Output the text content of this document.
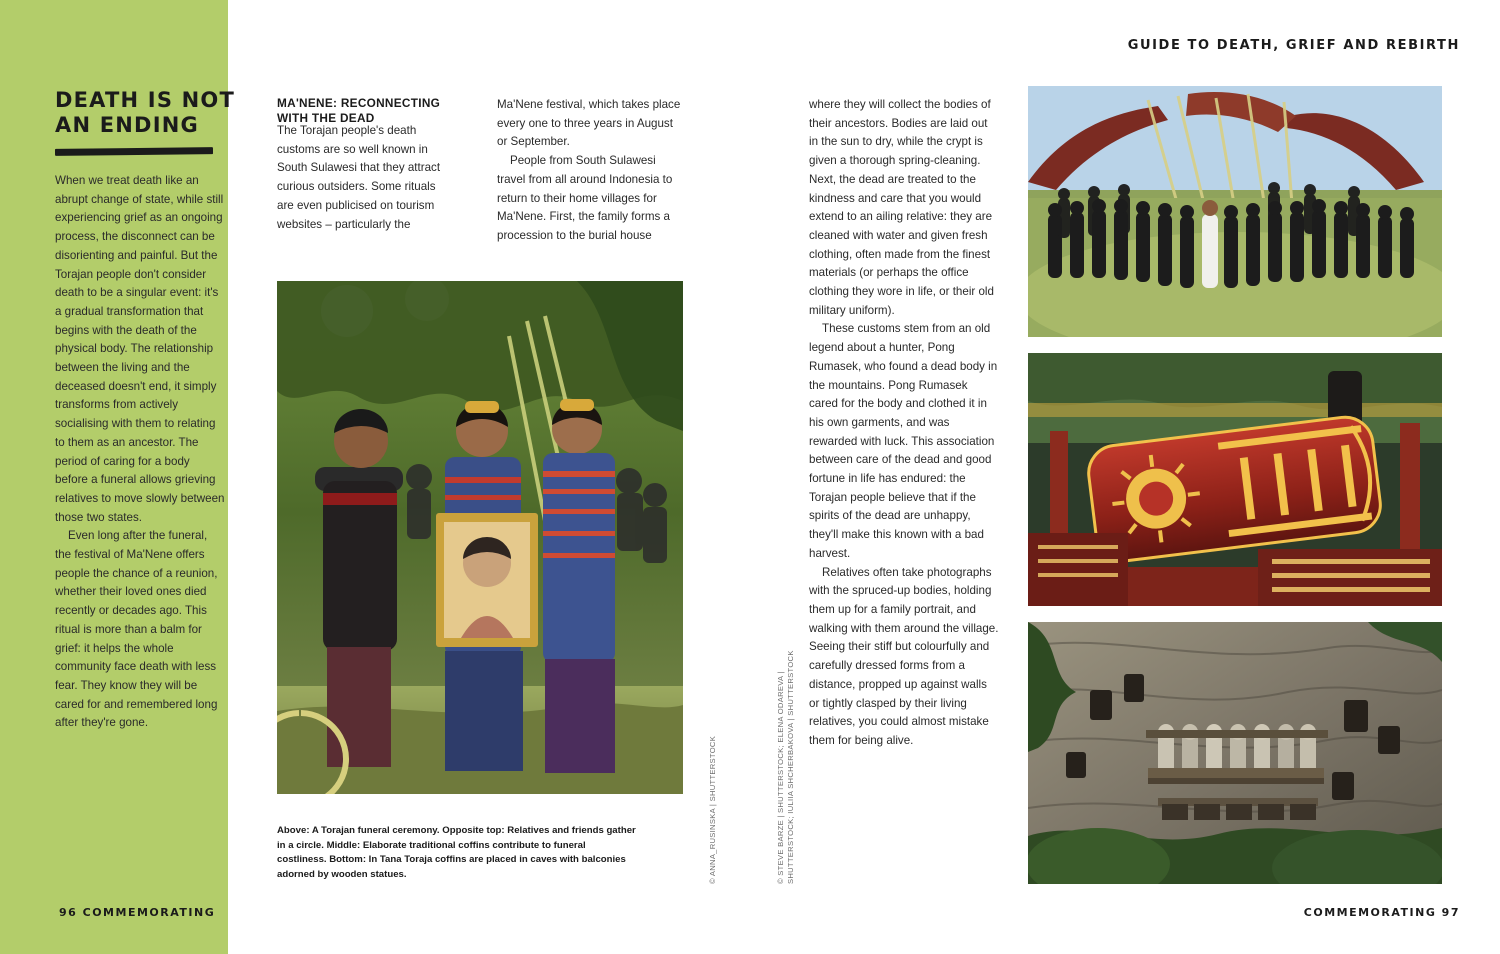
DEATH IS NOT AN ENDING

When we treat death like an abrupt change of state, while still experiencing grief as an ongoing process, the disconnect can be disorienting and painful. But the Torajan people don't consider death to be a singular event: it's a gradual transformation that begins with the death of the physical body. The relationship between the living and the deceased doesn't end, it simply transforms from actively socialising with them to relating to them as an ancestor. The period of caring for a body before a funeral allows grieving relatives to move slowly between those two states.

Even long after the funeral, the festival of Ma'Nene offers people the chance of a reunion, whether their loved ones died recently or decades ago. This ritual is more than a balm for grief: it helps the whole community face death with less fear. They know they will be cared for and remembered long after they're gone.

GUIDE TO DEATH, GRIEF AND REBIRTH
MA'NENE: RECONNECTING WITH THE DEAD

The Torajan people's death customs are so well known in South Sulawesi that they attract curious outsiders. Some rituals are even publicised on tourism websites – particularly the

Ma'Nene festival, which takes place every one to three years in August or September.

People from South Sulawesi travel from all around Indonesia to return to their home villages for Ma'Nene. First, the family forms a procession to the burial house

where they will collect the bodies of their ancestors. Bodies are laid out in the sun to dry, while the crypt is given a thorough spring-cleaning. Next, the dead are treated to the kindness and care that you would extend to an ailing relative: they are cleaned with water and given fresh clothing, often made from the finest materials (or perhaps the office clothing they wore in life, or their old military uniform).

These customs stem from an old legend about a hunter, Pong Rumasek, who found a dead body in the mountains. Pong Rumasek cared for the body and clothed it in his own garments, and was rewarded with luck. This association between care of the dead and good fortune in life has endured: the Torajan people believe that if the spirits of the dead are unhappy, they'll make this known with a bad harvest.

Relatives often take photographs with the spruced-up bodies, holding them up for a family portrait, and walking with them around the village. Seeing their stiff but colourfully and carefully dressed forms from a distance, propped up against walls or tightly clasped by their living relatives, you could almost mistake them for being alive.

Above: A Torajan funeral ceremony. Opposite top: Relatives and friends gather in a circle. Middle: Elaborate traditional coffins contribute to funeral costliness. Bottom: In Tana Toraja coffins are placed in caves with balconies adorned by wooden statues.	© ANNA_RUSINSKA | SHUTTERSTOCK	© STEVE BARZE | SHUTTERSTOCK; ELENA ODAREVA | SHUTTERSTOCK; IULIIA SHCHERBAKOVA | SHUTTERSTOCK
96 COMMEMORATING	COMMEMORATING 97
